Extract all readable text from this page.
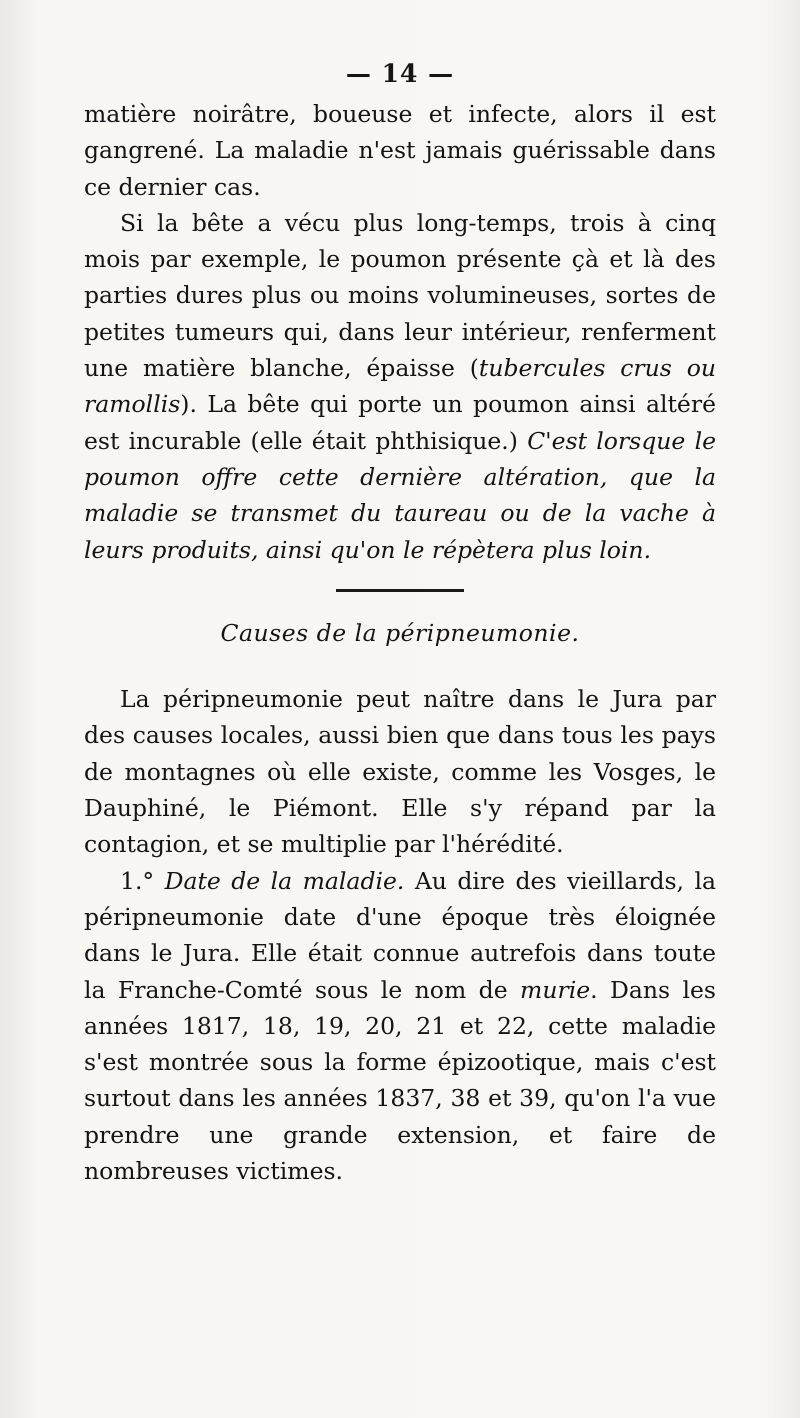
— 14 —

matière noirâtre, boueuse et infecte, alors il est gangrené. La maladie n'est jamais guérissable dans ce dernier cas.

Si la bête a vécu plus long-temps, trois à cinq mois par exemple, le poumon présente çà et là des parties dures plus ou moins volumineuses, sortes de petites tumeurs qui, dans leur intérieur, renferment une matière blanche, épaisse (tubercules crus ou ramollis). La bête qui porte un poumon ainsi altéré est incurable (elle était phthisique.) C'est lorsque le poumon offre cette dernière altération, que la maladie se transmet du taureau ou de la vache à leurs produits, ainsi qu'on le répètera plus loin.

Causes de la péripneumonie.

La péripneumonie peut naître dans le Jura par des causes locales, aussi bien que dans tous les pays de montagnes où elle existe, comme les Vosges, le Dauphiné, le Piémont. Elle s'y répand par la contagion, et se multiplie par l'hérédité.

1.° Date de la maladie. Au dire des vieillards, la péripneumonie date d'une époque très éloignée dans le Jura. Elle était connue autrefois dans toute la Franche-Comté sous le nom de murie. Dans les années 1817, 18, 19, 20, 21 et 22, cette maladie s'est montrée sous la forme épizootique, mais c'est surtout dans les années 1837, 38 et 39, qu'on l'a vue prendre une grande extension, et faire de nombreuses victimes.
